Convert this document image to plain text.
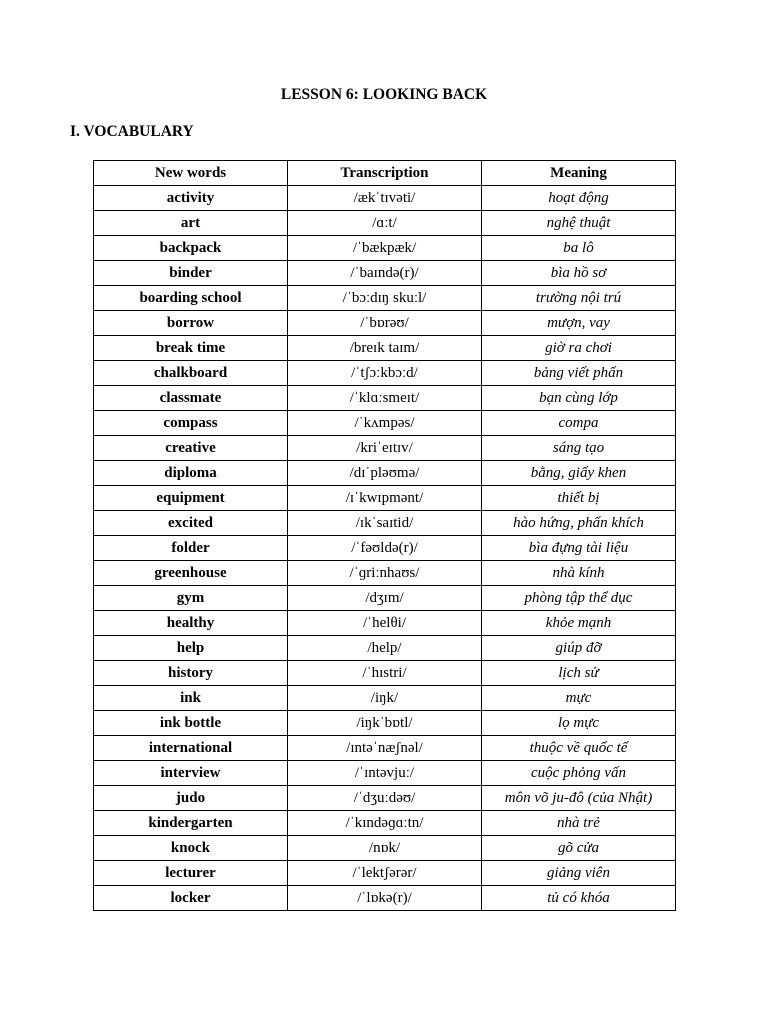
LESSON 6: LOOKING BACK
I. VOCABULARY
New words	Transcription	Meaning
activity	/ækˈtɪvəti/	hoạt động
art	/ɑːt/	nghệ thuật
backpack	/ˈbækpæk/	ba lô
binder	/ˈbaɪndə(r)/	bìa hồ sơ
boarding school	/ˈbɔːdɪŋ skuːl/	trường nội trú
borrow	/ˈbɒrəʊ/	mượn, vay
break time	/breɪk taɪm/	giờ ra chơi
chalkboard	/ˈtʃɔːkbɔːd/	bảng viết phấn
classmate	/ˈklɑːsmeɪt/	bạn cùng lớp
compass	/ˈkʌmpəs/	compa
creative	/kriˈeɪtɪv/	sáng tạo
diploma	/dɪˈpləʊmə/	bằng, giấy khen
equipment	/ɪˈkwɪpmənt/	thiết bị
excited	/ɪkˈsaɪtid/	hào hứng, phấn khích
folder	/ˈfəʊldə(r)/	bìa đựng tài liệu
greenhouse	/ˈɡriːnhaʊs/	nhà kính
gym	/dʒɪm/	phòng tập thể dục
healthy	/ˈhelθi/	khỏe mạnh
help	/help/	giúp đỡ
history	/ˈhɪstri/	lịch sử
ink	/iŋk/	mực
ink bottle	/iŋkˈbɒtl/	lọ mực
international	/ɪntəˈnæʃnəl/	thuộc về quốc tế
interview	/ˈɪntəvjuː/	cuộc phỏng vấn
judo	/ˈdʒuːdəʊ/	môn võ ju-đô (của Nhật)
kindergarten	/ˈkɪndəɡɑːtn/	nhà trẻ
knock	/nɒk/	gõ cửa
lecturer	/ˈlektʃərər/	giảng viên
locker	/ˈlɒkə(r)/	tủ có khóa
